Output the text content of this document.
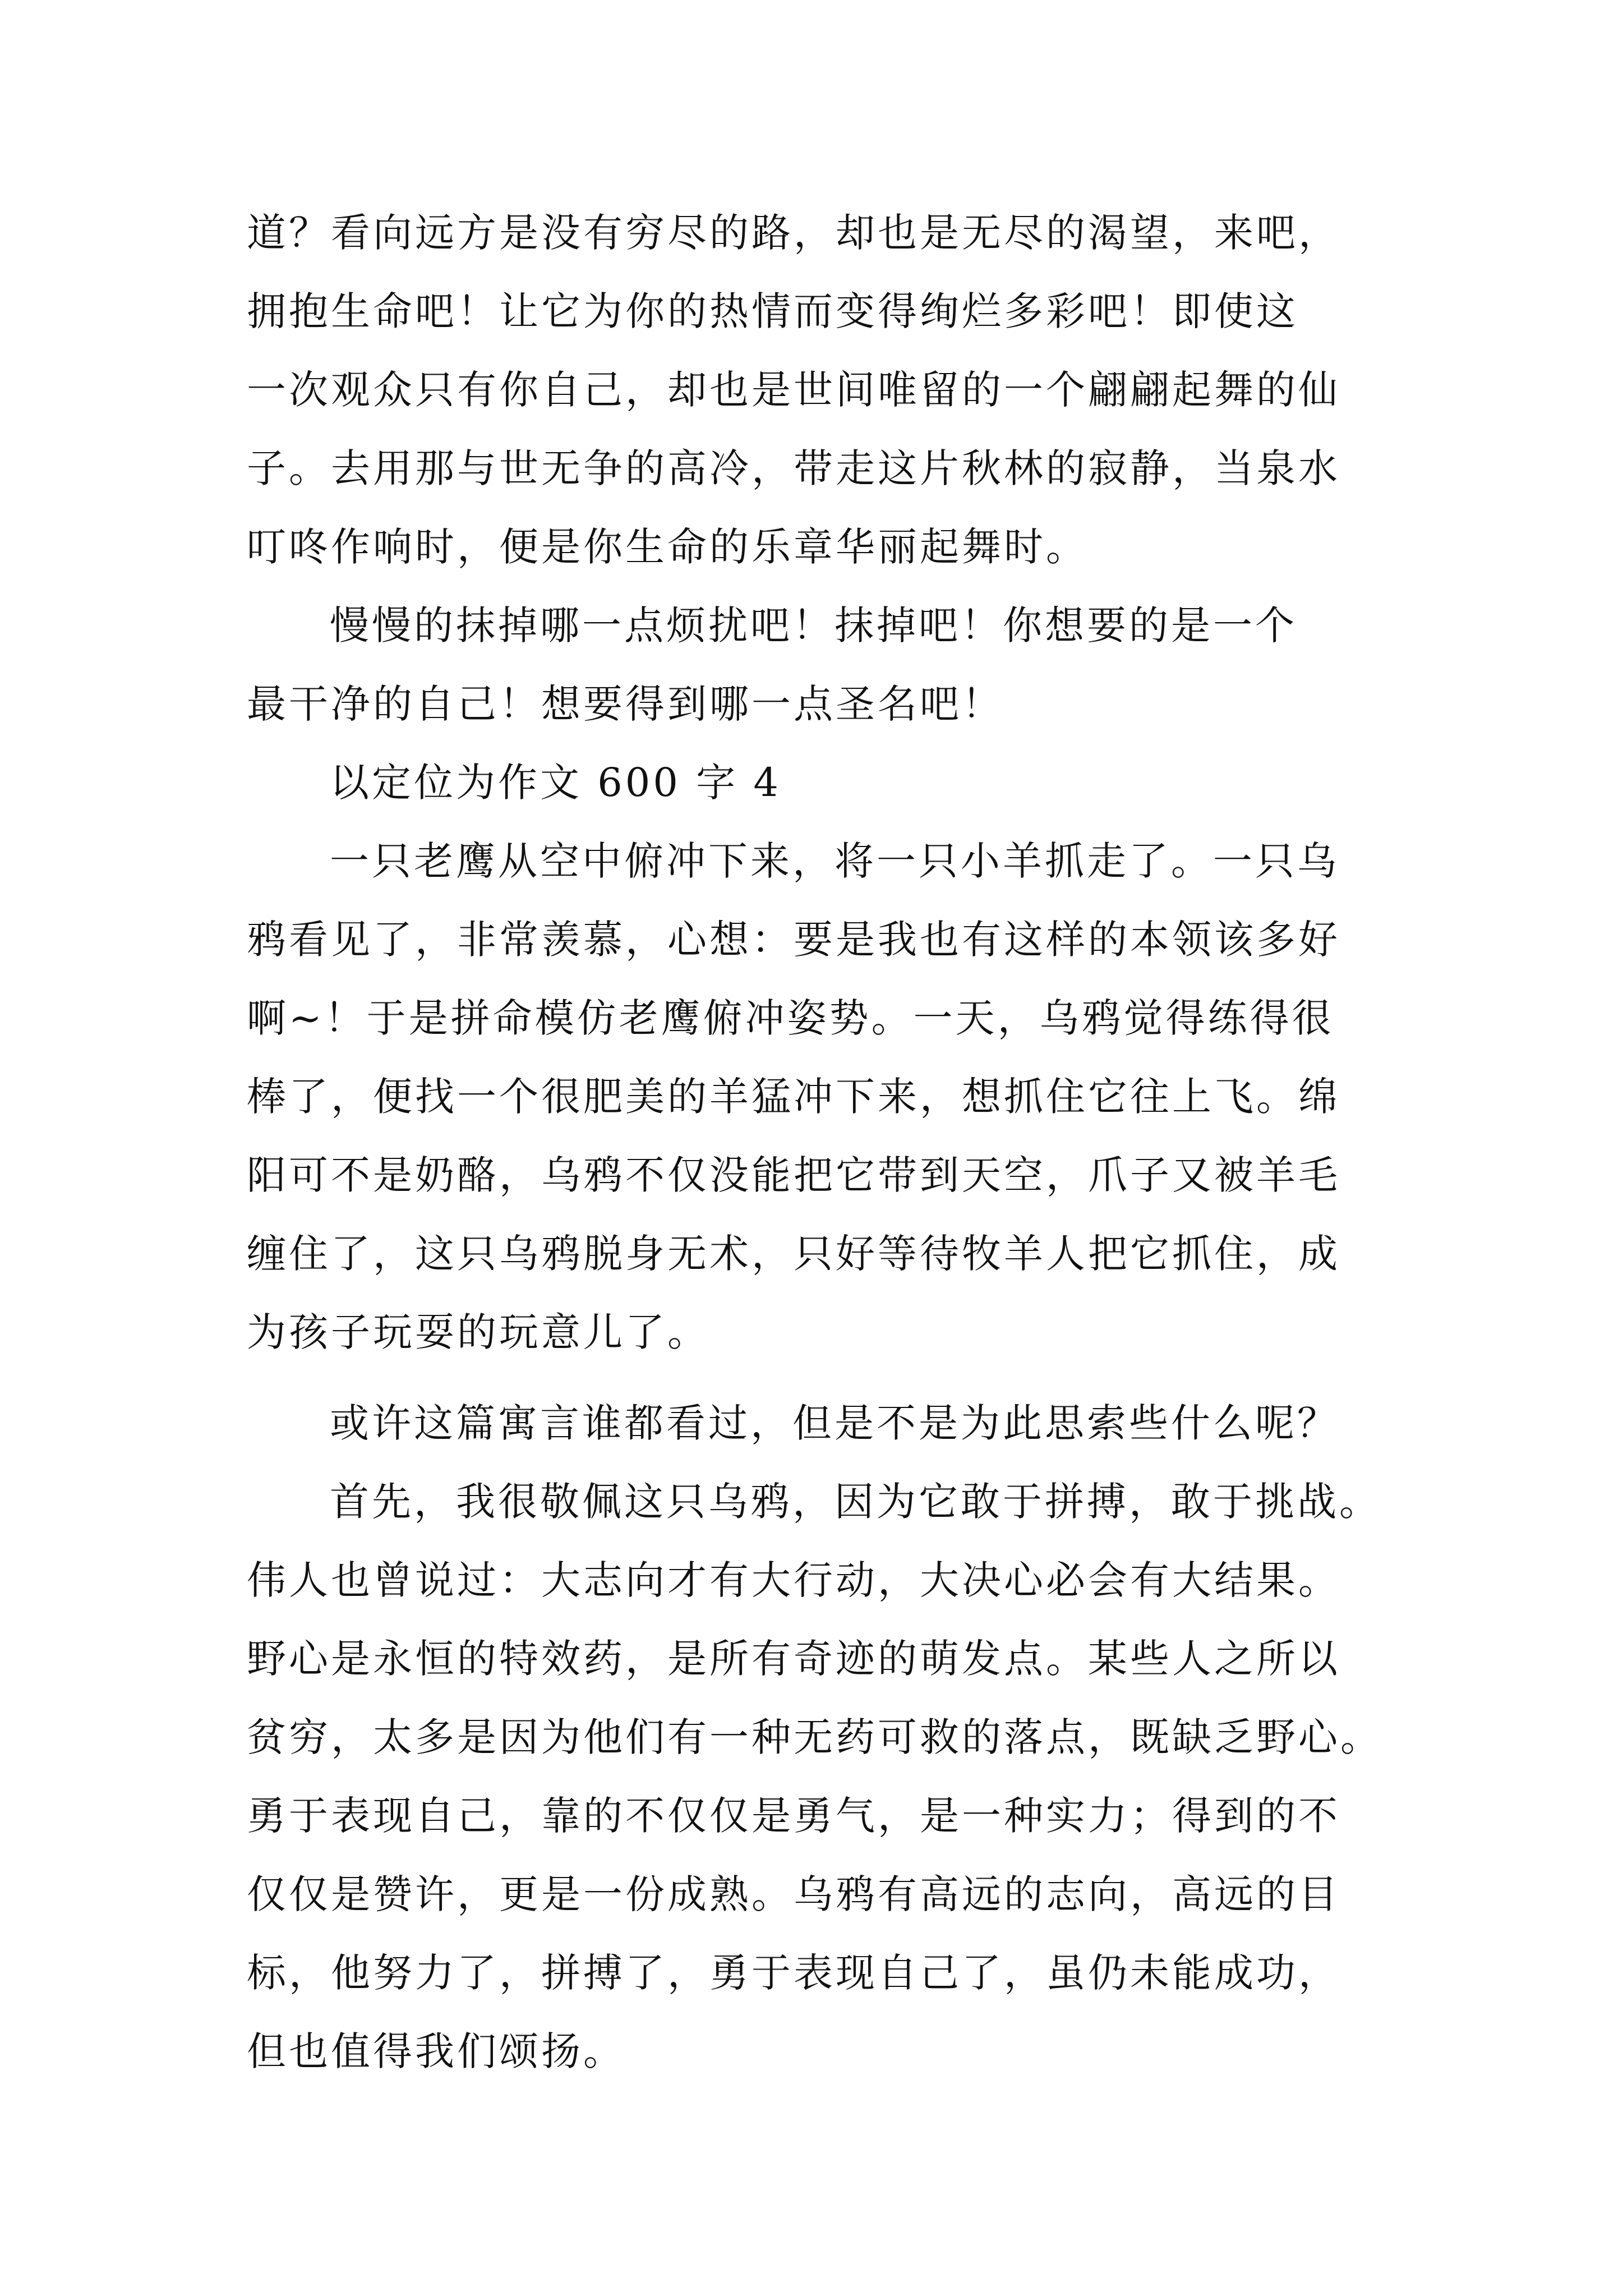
道？看向远方是没有穷尽的路，却也是无尽的渴望，来吧，
拥抱生命吧！让它为你的热情而变得绚烂多彩吧！即使这
一次观众只有你自己，却也是世间唯留的一个翩翩起舞的仙
子。去用那与世无争的高冷，带走这片秋林的寂静，当泉水
叮咚作响时，便是你生命的乐章华丽起舞时。
慢慢的抹掉哪一点烦扰吧！抹掉吧！你想要的是一个
最干净的自己！想要得到哪一点圣名吧！
以定位为作文 600 字 4
一只老鹰从空中俯冲下来，将一只小羊抓走了。一只乌
鸦看见了，非常羡慕，心想：要是我也有这样的本领该多好
啊~！于是拼命模仿老鹰俯冲姿势。一天，乌鸦觉得练得很
棒了，便找一个很肥美的羊猛冲下来，想抓住它往上飞。绵
阳可不是奶酪，乌鸦不仅没能把它带到天空，爪子又被羊毛
缠住了，这只乌鸦脱身无术，只好等待牧羊人把它抓住，成
为孩子玩耍的玩意儿了。
或许这篇寓言谁都看过，但是不是为此思索些什么呢？
首先，我很敬佩这只乌鸦，因为它敢于拼搏，敢于挑战。
伟人也曾说过：大志向才有大行动，大决心必会有大结果。
野心是永恒的特效药，是所有奇迹的萌发点。某些人之所以
贫穷，太多是因为他们有一种无药可救的落点，既缺乏野心。
勇于表现自己，靠的不仅仅是勇气，是一种实力；得到的不
仅仅是赞许，更是一份成熟。乌鸦有高远的志向，高远的目
标，他努力了，拼搏了，勇于表现自己了，虽仍未能成功，
但也值得我们颂扬。
